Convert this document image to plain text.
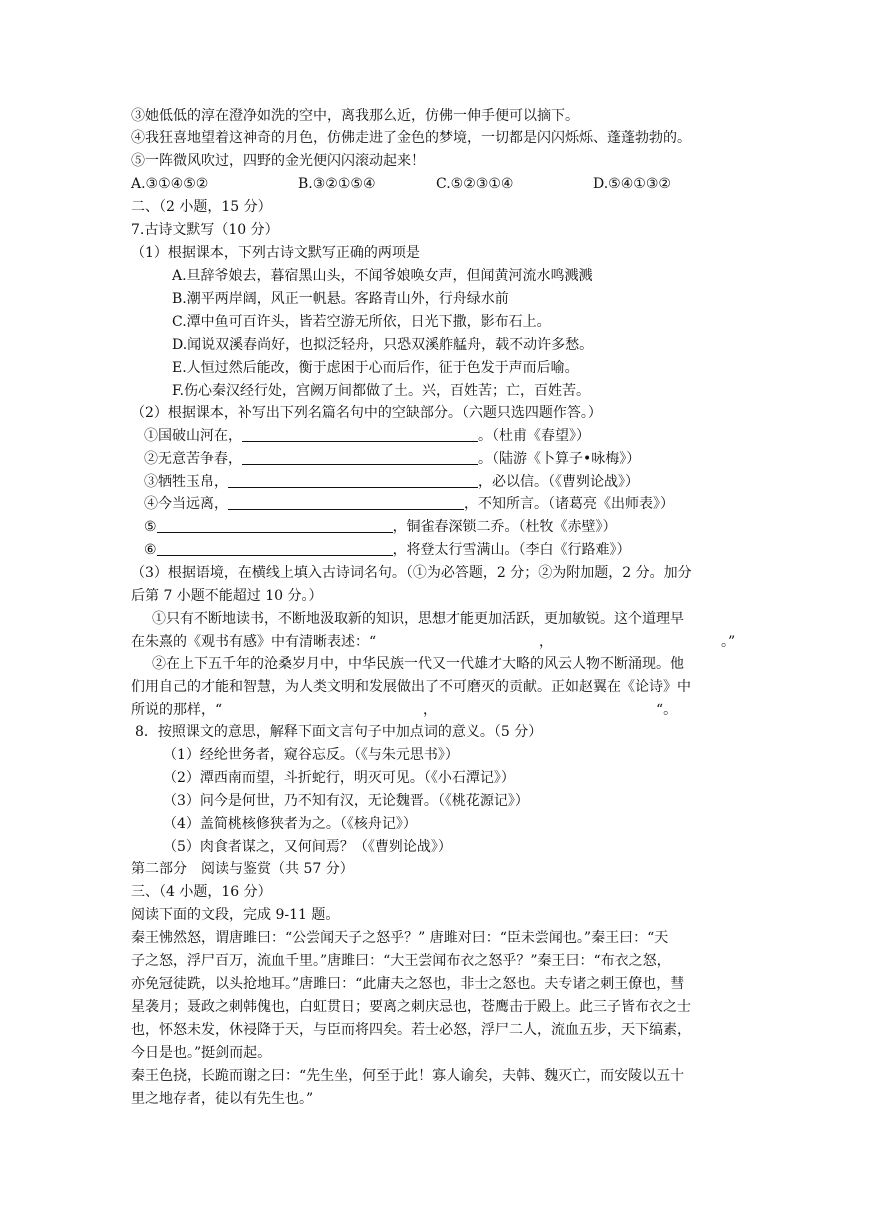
③她低低的淳在澄净如洗的空中，离我那么近，仿佛一伸手便可以摘下。
④我狂喜地望着这神奇的月色，仿佛走进了金色的梦境，一切都是闪闪烁烁、蓬蓬勃勃的。
⑤一阵微风吹过，四野的金光便闪闪滚动起来！
A.③①④⑤②	B.③②①⑤④	C.⑤②③①④	D.⑤④①③②
二、（2 小题，15 分）
7.古诗文默写（10 分）
（1）根据课本，下列古诗文默写正确的两项是
A.旦辞爷娘去，暮宿黑山头，不闻爷娘唤女声，但闻黄河流水鸣溅溅
B.潮平两岸阔，风正一帆悬。客路青山外，行舟绿水前
C.潭中鱼可百许头，皆若空游无所依，日光下撒，影布石上。
D.闻说双溪春尚好，也拟泛轻舟，只恐双溪舴艋舟，载不动许多愁。
E.人恒过然后能改，衡于虑困于心而后作，征于色发于声而后喻。
F.伤心秦汉经行处，宫阙万间都做了土。兴，百姓苦；亡，百姓苦。
（2）根据课本，补写出下列名篇名句中的空缺部分。（六题只选四题作答。）
①国破山河在，	。（杜甫《春望》）
②无意苦争春，	。（陆游《卜算子•咏梅》）
③牺牲玉帛，	，必以信。（《曹刿论战》）
④今当远离，	，不知所言。（诸葛亮《出师表》）
⑤	，铜雀春深锁二乔。（杜牧《赤壁》）
⑥	，将登太行雪满山。（李白《行路难》）
（3）根据语境，在横线上填入古诗词名句。（①为必答题，2 分；②为附加题，2 分。加分
后第 7 小题不能超过 10 分。）
①只有不断地读书，不断地汲取新的知识，思想才能更加活跃，更加敏锐。这个道理早
在朱熹的《观书有感》中有清晰表述：“	，	。”
②在上下五千年的沧桑岁月中，中华民族一代又一代雄才大略的风云人物不断涌现。他
们用自己的才能和智慧，为人类文明和发展做出了不可磨灭的贡献。正如赵翼在《论诗》中
所说的那样，“	，	“。
8．按照课文的意思，解释下面文言句子中加点词的意义。（5 分）
（1）经纶世务者，窥谷忘反。（《与朱元思书》）
（2）潭西南而望，斗折蛇行，明灭可见。（《小石潭记》）
（3）问今是何世，乃不知有汉，无论魏晋。（《桃花源记》）
（4）盖简桃核修狭者为之。（《核舟记》）
（5）肉食者谋之，又何间焉？（《曹刿论战》）
第二部分　阅读与鉴赏（共 57 分）
三、（4 小题，16 分）
阅读下面的文段，完成 9-11 题。
秦王怫然怒，谓唐雎曰：“公尝闻天子之怒乎？” 唐雎对曰：“臣未尝闻也。”秦王曰：“天
子之怒，浮尸百万，流血千里。”唐雎曰：“大王尝闻布衣之怒乎？”秦王曰：“布衣之怒，
亦免冠徒跣，以头抢地耳。”唐雎曰：“此庸夫之怒也，非士之怒也。夫专诸之刺王僚也，彗
星袭月；聂政之刺韩傀也，白虹贯日；要离之刺庆忌也，苍鹰击于殿上。此三子皆布衣之士
也，怀怒未发，休祲降于天，与臣而将四矣。若士必怒，浮尸二人，流血五步，天下缟素，
今日是也。”挺剑而起。
秦王色挠，长跪而谢之曰：“先生坐，何至于此！寡人谕矣，夫韩、魏灭亡，而安陵以五十
里之地存者，徒以有先生也。”
